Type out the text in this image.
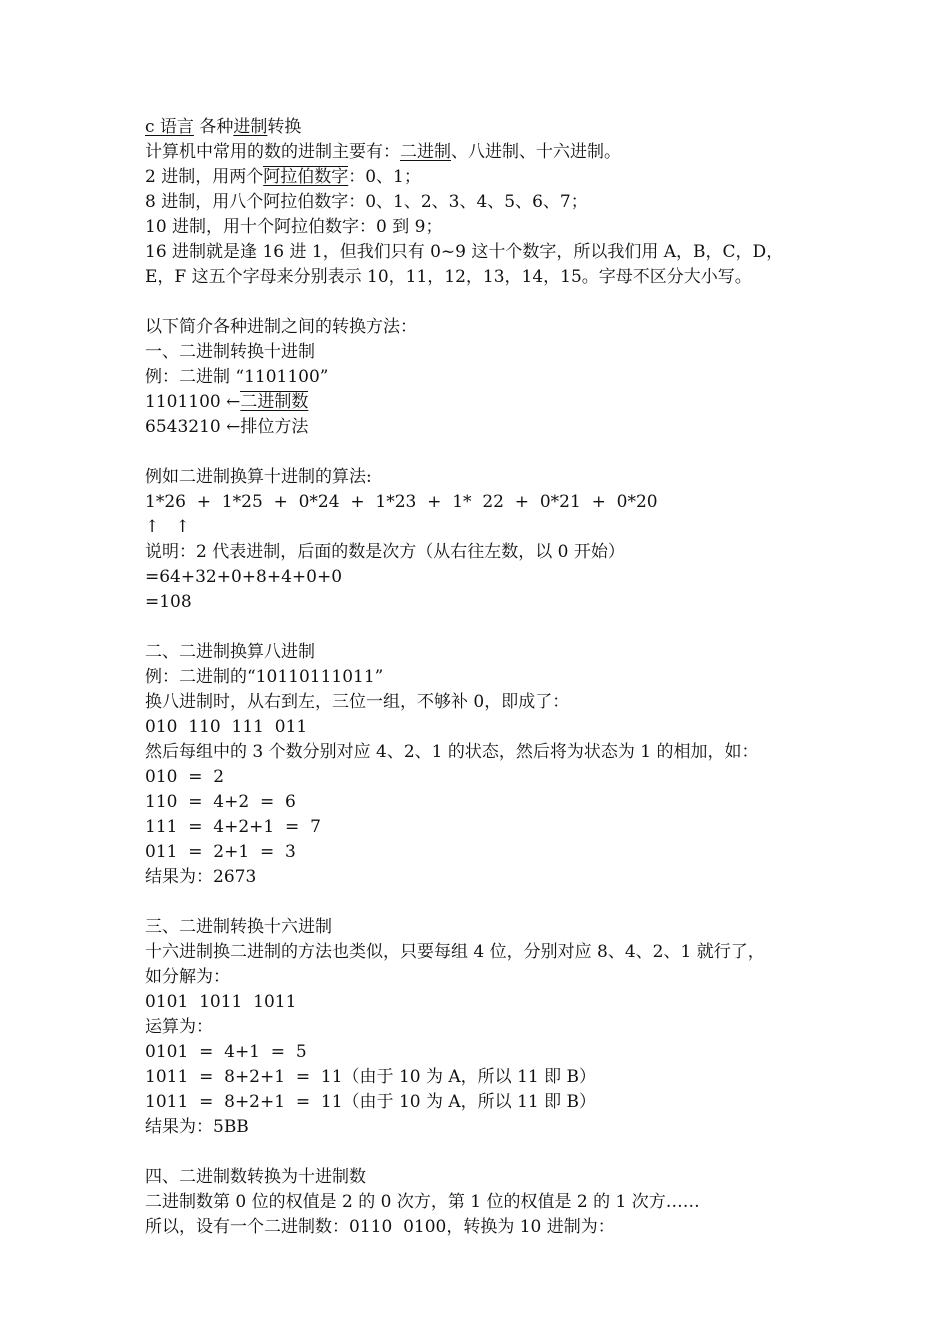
c 语言 各种进制转换
计算机中常用的数的进制主要有：二进制、八进制、十六进制。
2 进制，用两个阿拉伯数字：0、1；
8 进制，用八个阿拉伯数字：0、1、2、3、4、5、6、7；
10 进制，用十个阿拉伯数字：0 到 9；
16 进制就是逢 16 进 1，但我们只有 0~9 这十个数字，所以我们用 A，B，C，D，
E，F 这五个字母来分别表示 10，11，12，13，14，15。字母不区分大小写。
以下简介各种进制之间的转换方法：
一、二进制转换十进制
例：二进制 “1101100”
1101100 ←二进制数
6543210 ←排位方法
例如二进制换算十进制的算法:
1*26  +  1*25  +  0*24  +  1*23  +  1*  22  +  0*21  +  0*20
↑   ↑
说明：2 代表进制，后面的数是次方（从右往左数，以 0 开始）
=64+32+0+8+4+0+0
=108
二、二进制换算八进制
例：二进制的“10110111011”
换八进制时，从右到左，三位一组，不够补 0，即成了：
010  110  111  011
然后每组中的 3 个数分别对应 4、2、1 的状态，然后将为状态为 1 的相加，如：
010  =  2
110  =  4+2  =  6
111  =  4+2+1  =  7
011  =  2+1  =  3
结果为：2673
三、二进制转换十六进制
十六进制换二进制的方法也类似，只要每组 4 位，分别对应 8、4、2、1 就行了，
如分解为：
0101  1011  1011
运算为：
0101  =  4+1  =  5
1011  =  8+2+1  =  11（由于 10 为 A，所以 11 即 B）
1011  =  8+2+1  =  11（由于 10 为 A，所以 11 即 B）
结果为：5BB
四、二进制数转换为十进制数
二进制数第 0 位的权值是 2 的 0 次方，第 1 位的权值是 2 的 1 次方……
所以，设有一个二进制数：0110  0100，转换为 10 进制为：
